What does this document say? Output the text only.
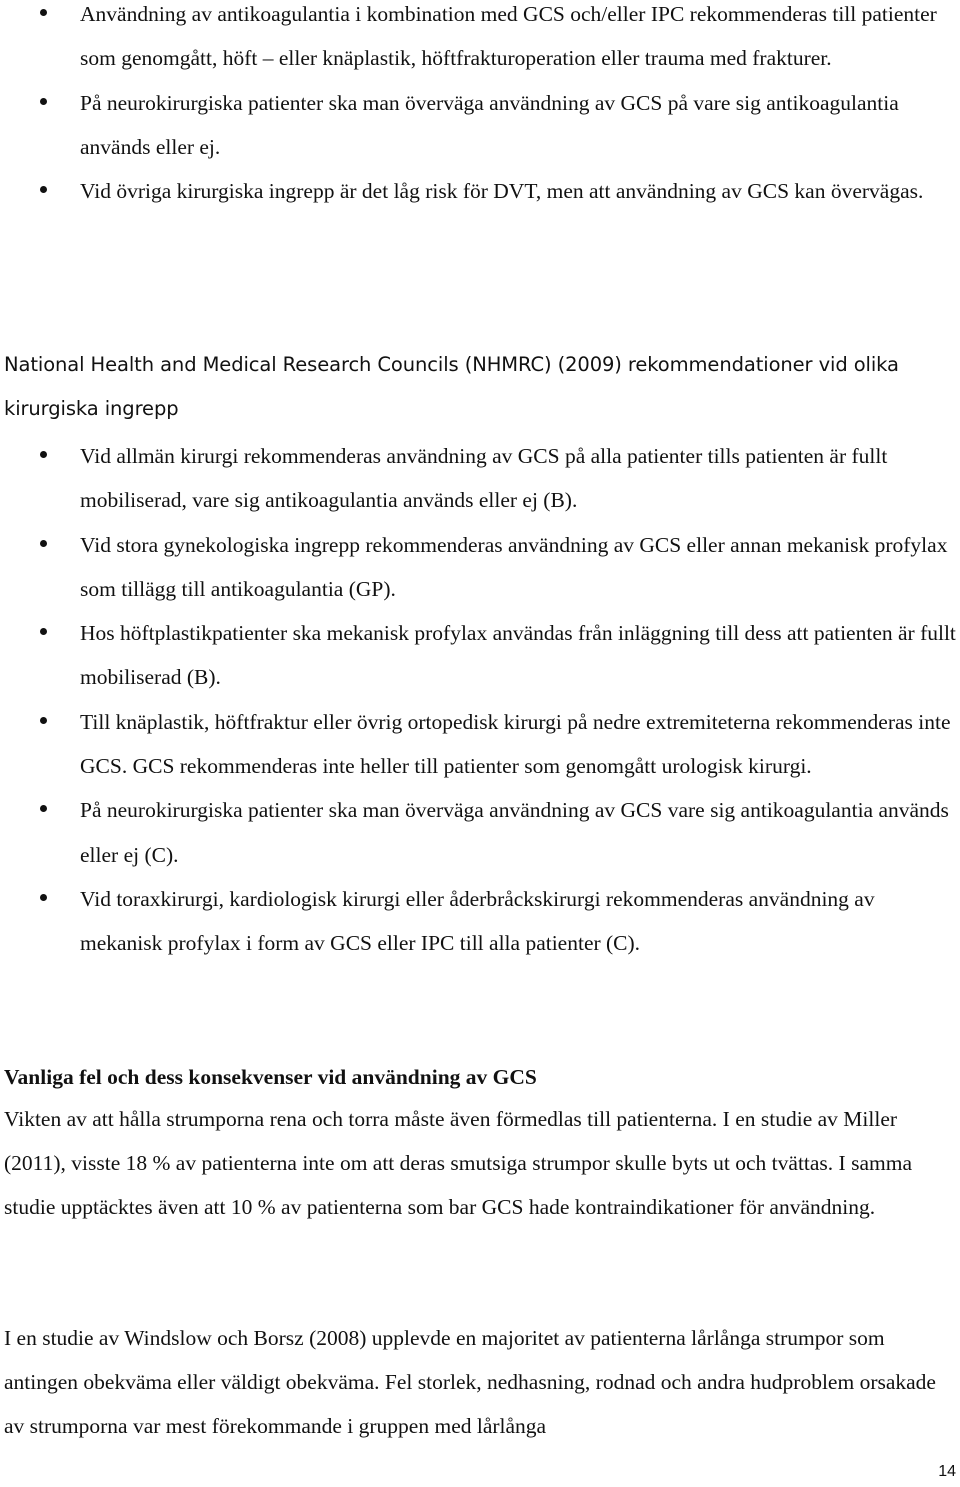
Användning av antikoagulantia i kombination med GCS och/eller IPC rekommenderas till patienter som genomgått, höft – eller knäplastik, höftfrakturoperation eller trauma med frakturer.
På neurokirurgiska patienter ska man överväga användning av GCS på vare sig antikoagulantia används eller ej.
Vid övriga kirurgiska ingrepp är det låg risk för DVT, men att användning av GCS kan övervägas.

National Health and Medical Research Councils (NHMRC) (2009) rekommendationer vid olika kirurgiska ingrepp

Vid allmän kirurgi rekommenderas användning av GCS på alla patienter tills patienten är fullt mobiliserad, vare sig antikoagulantia används eller ej (B).
Vid stora gynekologiska ingrepp rekommenderas användning av GCS eller annan mekanisk profylax som tillägg till antikoagulantia (GP).
Hos höftplastikpatienter ska mekanisk profylax användas från inläggning till dess att patienten är fullt mobiliserad (B).
Till knäplastik, höftfraktur eller övrig ortopedisk kirurgi på nedre extremiteterna rekommenderas inte GCS. GCS rekommenderas inte heller till patienter som genomgått urologisk kirurgi.
På neurokirurgiska patienter ska man överväga användning av GCS vare sig antikoagulantia används eller ej (C).
Vid toraxkirurgi, kardiologisk kirurgi eller åderbråckskirurgi rekommenderas användning av mekanisk profylax i form av GCS eller IPC till alla patienter (C).
Vanliga fel och dess konsekvenser vid användning av GCS

Vikten av att hålla strumporna rena och torra måste även förmedlas till patienterna. I en studie av Miller (2011), visste 18 % av patienterna inte om att deras smutsiga strumpor skulle byts ut och tvättas. I samma studie upptäcktes även att 10 % av patienterna som bar GCS hade kontraindikationer för användning.

I en studie av Windslow och Borsz (2008) upplevde en majoritet av patienterna lårlånga strumpor som antingen obekväma eller väldigt obekväma. Fel storlek, nedhasning, rodnad och andra hudproblem orsakade av strumporna var mest förekommande i gruppen med lårlånga

14
